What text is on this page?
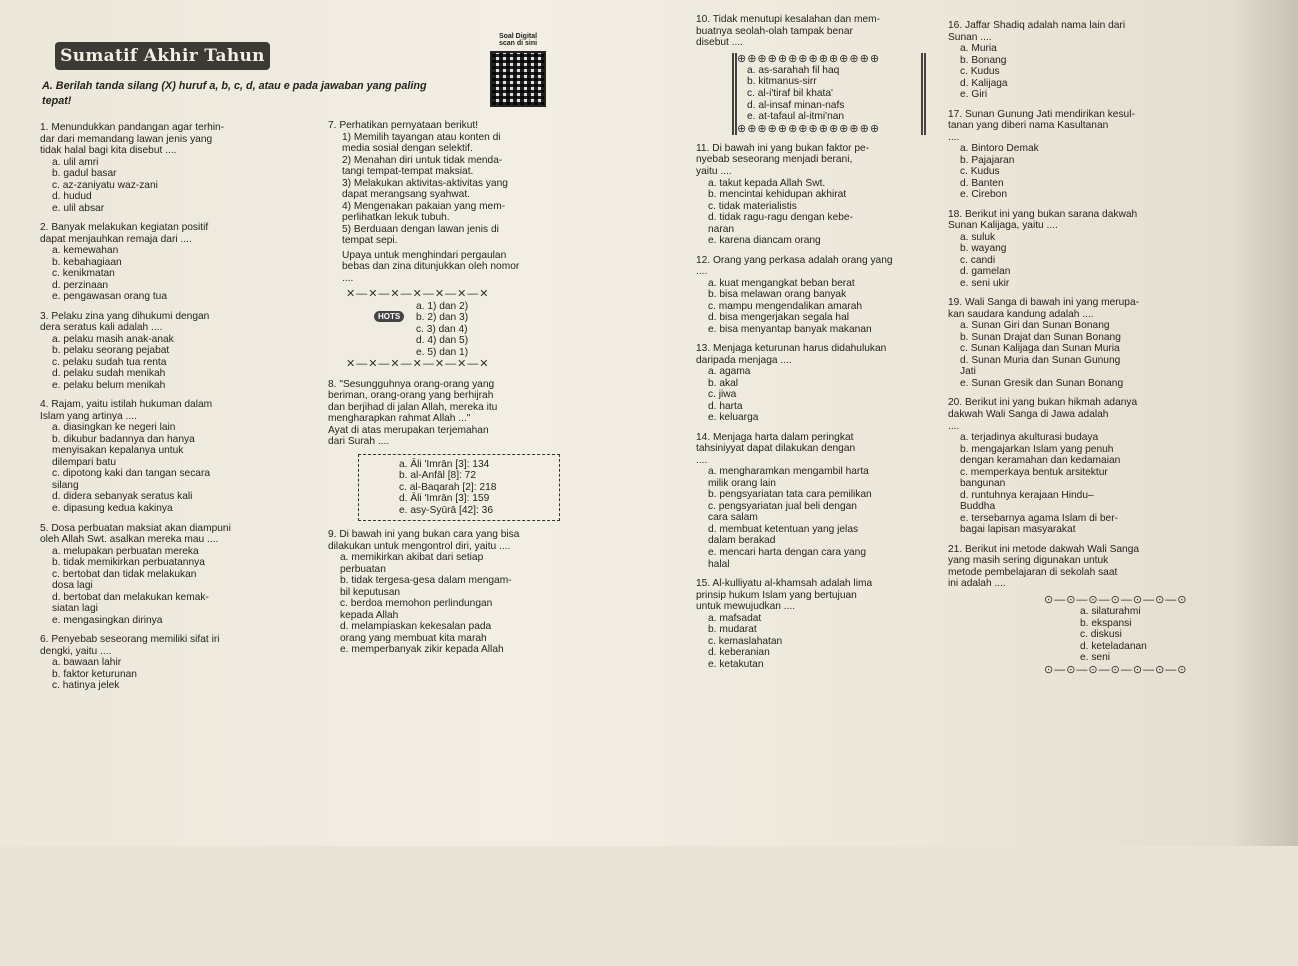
Sumatif Akhir Tahun
Soal Digital
scan di sini
A. Berilah tanda silang (X) huruf a, b, c, d, atau e pada jawaban yang paling
tepat!

1. Menundukkan pandangan agar terhin-
dar dari memandang lawan jenis yang
tidak halal bagi kita disebut ....

a. ulil amri
b. gadul basar
c. az-zaniyatu waz-zani
d. hudud
e. ulil absar

2. Banyak melakukan kegiatan positif
dapat menjauhkan remaja dari ....

a. kemewahan
b. kebahagiaan
c. kenikmatan
d. perzinaan
e. pengawasan orang tua

3. Pelaku zina yang dihukumi dengan
dera seratus kali adalah ....

a. pelaku masih anak-anak
b. pelaku seorang pejabat
c. pelaku sudah tua renta
d. pelaku sudah menikah
e. pelaku belum menikah

4. Rajam, yaitu istilah hukuman dalam
Islam yang artinya ....

a. diasingkan ke negeri lain
b. dikubur badannya dan hanya
menyisakan kepalanya untuk
dilempari batu
c. dipotong kaki dan tangan secara
silang
d. didera sebanyak seratus kali
e. dipasung kedua kakinya

5. Dosa perbuatan maksiat akan diampuni
oleh Allah Swt. asalkan mereka mau ....

a. melupakan perbuatan mereka
b. tidak memikirkan perbuatannya
c. bertobat dan tidak melakukan
dosa lagi
d. bertobat dan melakukan kemak-
siatan lagi
e. mengasingkan dirinya

6. Penyebab seseorang memiliki sifat iri
dengki, yaitu ....

a. bawaan lahir
b. faktor keturunan
c. hatinya jelek

7. Perhatikan pernyataan berikut!

1) Memilih tayangan atau konten di
media sosial dengan selektif.
2) Menahan diri untuk tidak menda-
tangi tempat-tempat maksiat.
3) Melakukan aktivitas-aktivitas yang
dapat merangsang syahwat.
4) Mengenakan pakaian yang mem-
perlihatkan lekuk tubuh.
5) Berduaan dengan lawan jenis di
tempat sepi.

Upaya untuk menghindari pergaulan
bebas dan zina ditunjukkan oleh nomor
....

HOTS
✕—✕—✕—✕—✕—✕—✕

a. 1) dan 2)
b. 2) dan 3)
c. 3) dan 4)
d. 4) dan 5)
e. 5) dan 1)

✕—✕—✕—✕—✕—✕—✕

8. "Sesungguhnya orang-orang yang
beriman, orang-orang yang berhijrah
dan berjihad di jalan Allah, mereka itu
mengharapkan rahmat Allah ..."
Ayat di atas merupakan terjemahan
dari Surah ....

a. Āli 'Imrān [3]: 134
b. al-Anfāl [8]: 72
c. al-Baqarah [2]: 218
d. Āli 'Imrān [3]: 159
e. asy-Syūrā [42]: 36

9. Di bawah ini yang bukan cara yang bisa
dilakukan untuk mengontrol diri, yaitu ....

a. memikirkan akibat dari setiap
perbuatan
b. tidak tergesa-gesa dalam mengam-
bil keputusan
c. berdoa memohon perlindungan
kepada Allah
d. melampiaskan kekesalan pada
orang yang membuat kita marah
e. memperbanyak zikir kepada Allah

10. Tidak menutupi kesalahan dan mem-
buatnya seolah-olah tampak benar
disebut ....

⊕⊕⊕⊕⊕⊕⊕⊕⊕⊕⊕⊕⊕⊕

a. as-sarahah fil haq
b. kitmanus-sirr
c. al-i'tiraf bil khata'
d. al-insaf minan-nafs
e. at-tafaul al-itmi'nan

⊕⊕⊕⊕⊕⊕⊕⊕⊕⊕⊕⊕⊕⊕

11. Di bawah ini yang bukan faktor pe-
nyebab seseorang menjadi berani,
yaitu ....

a. takut kepada Allah Swt.
b. mencintai kehidupan akhirat
c. tidak materialistis
d. tidak ragu-ragu dengan kebe-
naran
e. karena diancam orang

12. Orang yang perkasa adalah orang yang
....

a. kuat mengangkat beban berat
b. bisa melawan orang banyak
c. mampu mengendalikan amarah
d. bisa mengerjakan segala hal
e. bisa menyantap banyak makanan

13. Menjaga keturunan harus didahulukan
daripada menjaga ....

a. agama
b. akal
c. jiwa
d. harta
e. keluarga

14. Menjaga harta dalam peringkat
tahsiniyyat dapat dilakukan dengan
....

a. mengharamkan mengambil harta
milik orang lain
b. pengsyariatan tata cara pemilikan
c. pengsyariatan jual beli dengan
cara salam
d. membuat ketentuan yang jelas
dalam berakad
e. mencari harta dengan cara yang
halal

15. Al-kulliyatu al-khamsah adalah lima
prinsip hukum Islam yang bertujuan
untuk mewujudkan ....

a. mafsadat
b. mudarat
c. kemaslahatan
d. keberanian
e. ketakutan

16. Jaffar Shadiq adalah nama lain dari
Sunan ....

a. Muria
b. Bonang
c. Kudus
d. Kalijaga
e. Giri

17. Sunan Gunung Jati mendirikan kesul-
tanan yang diberi nama Kasultanan
....

a. Bintoro Demak
b. Pajajaran
c. Kudus
d. Banten
e. Cirebon

18. Berikut ini yang bukan sarana dakwah
Sunan Kalijaga, yaitu ....

a. suluk
b. wayang
c. candi
d. gamelan
e. seni ukir

19. Wali Sanga di bawah ini yang merupa-
kan saudara kandung adalah ....

a. Sunan Giri dan Sunan Bonang
b. Sunan Drajat dan Sunan Bonang
c. Sunan Kalijaga dan Sunan Muria
d. Sunan Muria dan Sunan Gunung
Jati
e. Sunan Gresik dan Sunan Bonang

20. Berikut ini yang bukan hikmah adanya
dakwah Wali Sanga di Jawa adalah
....

a. terjadinya akulturasi budaya
b. mengajarkan Islam yang penuh
dengan keramahan dan kedamaian
c. memperkaya bentuk arsitektur
bangunan
d. runtuhnya kerajaan Hindu–
Buddha
e. tersebarnya agama Islam di ber-
bagai lapisan masyarakat

21. Berikut ini metode dakwah Wali Sanga
yang masih sering digunakan untuk
metode pembelajaran di sekolah saat
ini adalah ....

⊙—⊙—⊙—⊙—⊙—⊙—⊙

a. silaturahmi
b. ekspansi
c. diskusi
d. keteladanan
e. seni

⊙—⊙—⊙—⊙—⊙—⊙—⊙
